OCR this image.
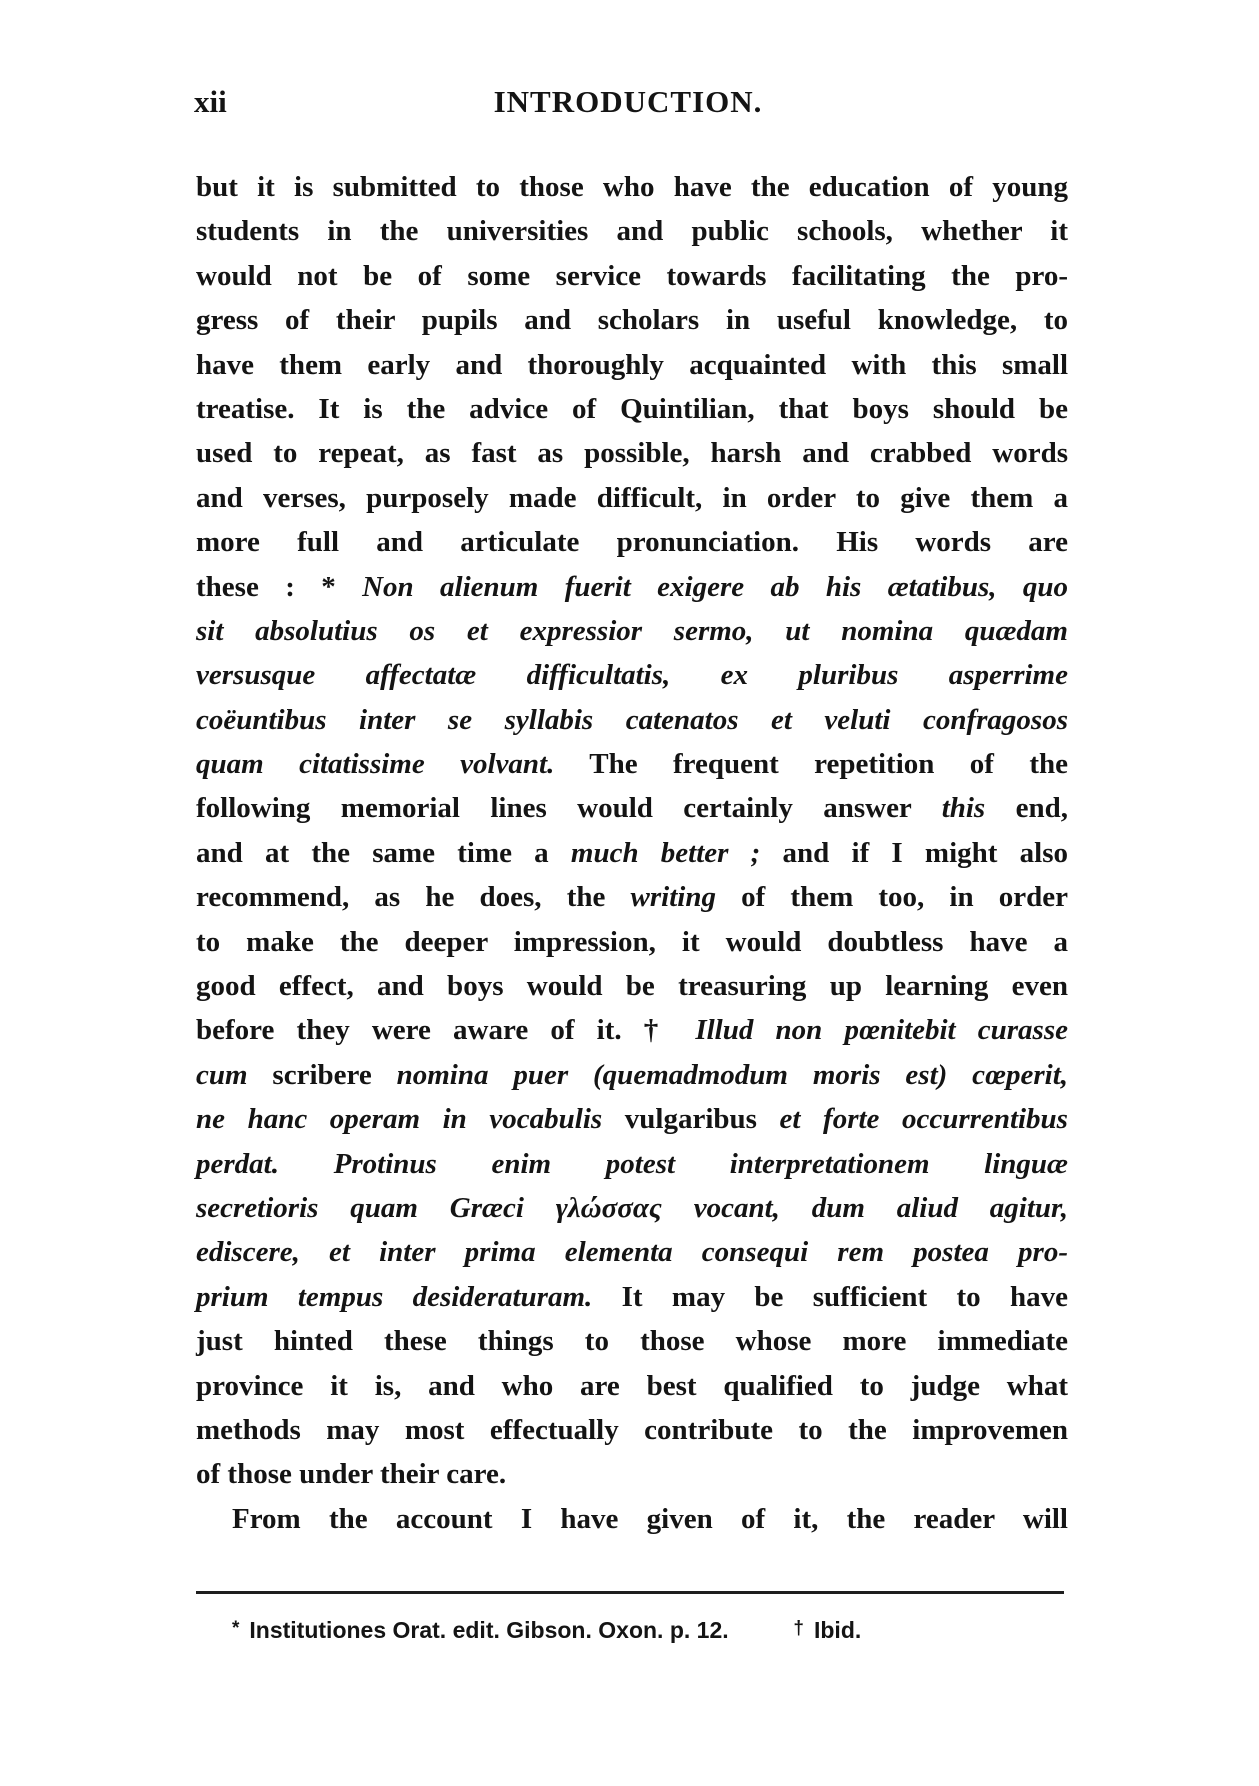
xii	INTRODUCTION.
but it is submitted to those who have the education of young
students in the universities and public schools, whether it
would not be of some service towards facilitating the pro-
gress of their pupils and scholars in useful knowledge, to
have them early and thoroughly acquainted with this small
treatise. It is the advice of Quintilian, that boys should be
used to repeat, as fast as possible, harsh and crabbed words
and verses, purposely made difficult, in order to give them a
more full and articulate pronunciation. His words are
these : * Non alienum fuerit exigere ab his ætatibus, quo
sit absolutius os et expressior sermo, ut nomina quædam
versusque affectatæ difficultatis, ex pluribus asperrime
coëuntibus inter se syllabis catenatos et veluti confragosos
quam citatissime volvant. The frequent repetition of the
following memorial lines would certainly answer this end,
and at the same time a much better ; and if I might also
recommend, as he does, the writing of them too, in order
to make the deeper impression, it would doubtless have a
good effect, and boys would be treasuring up learning even
before they were aware of it. † Illud non pœnitebit curasse
cum scribere nomina puer (quemadmodum moris est) cœperit,
ne hanc operam in vocabulis vulgaribus et forte occurrentibus
perdat. Protinus enim potest interpretationem linguæ
secretioris quam Græci γλώσσας vocant, dum aliud agitur,
ediscere, et inter prima elementa consequi rem postea pro-
prium tempus desideraturam. It may be sufficient to have
just hinted these things to those whose more immediate
province it is, and who are best qualified to judge what
methods may most effectually contribute to the improvemen
of those under their care.
From the account I have given of it, the reader will
* Institutiones Orat. edit. Gibson. Oxon. p. 12.	† Ibid.
